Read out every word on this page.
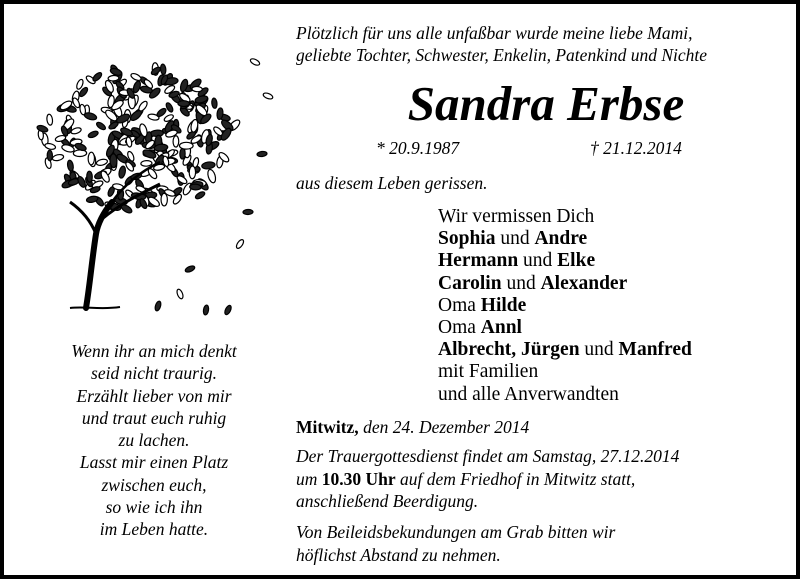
Wenn ihr an mich denkt
seid nicht traurig.
Erzählt lieber von mir
und traut euch ruhig
zu lachen.
Lasst mir einen Platz
zwischen euch,
so wie ich ihn
im Leben hatte.
Plötzlich für uns alle unfaßbar wurde meine liebe Mami,
geliebte Tochter, Schwester, Enkelin, Patenkind und Nichte
Sandra Erbse
* 20.9.1987	† 21.12.2014
aus diesem Leben gerissen.
Wir vermissen Dich
Sophia und Andre
Hermann und Elke
Carolin und Alexander
Oma Hilde
Oma Annl
Albrecht, Jürgen und Manfred
mit Familien
und alle Anverwandten
Mitwitz, den 24. Dezember 2014
Der Trauergottesdienst findet am Samstag, 27.12.2014
um 10.30 Uhr auf dem Friedhof in Mitwitz statt,
anschließend Beerdigung.
Von Beileidsbekundungen am Grab bitten wir
höflichst Abstand zu nehmen.
